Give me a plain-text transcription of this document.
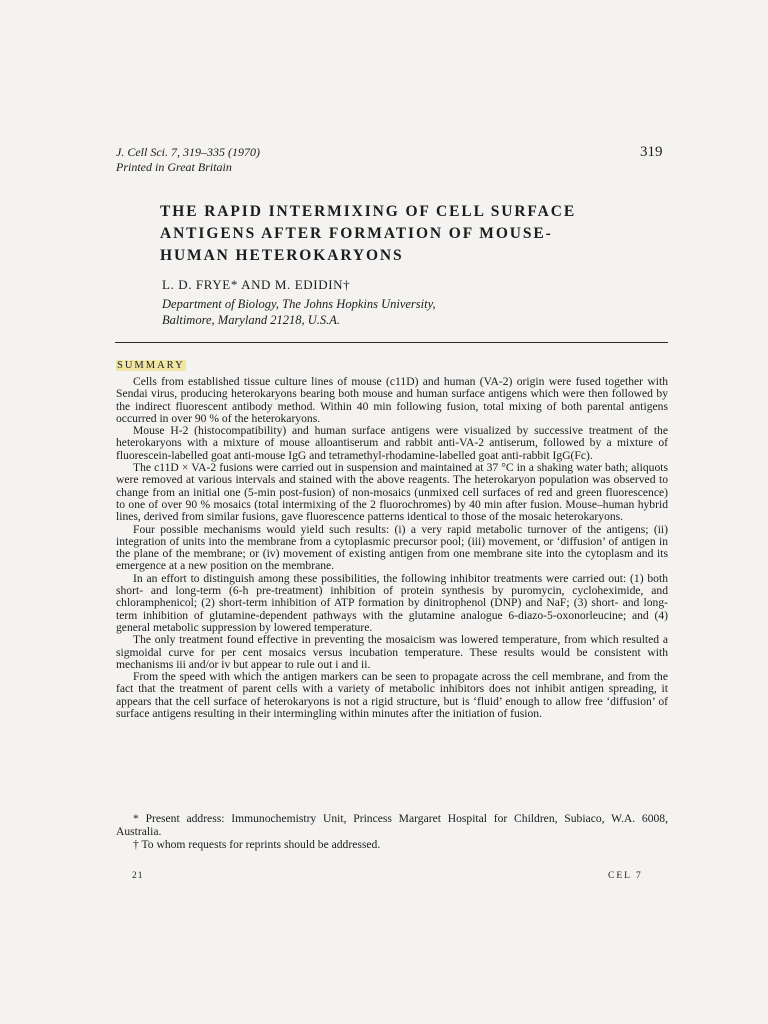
J. Cell Sci. 7, 319–335 (1970)
Printed in Great Britain
319
THE RAPID INTERMIXING OF CELL SURFACE
ANTIGENS AFTER FORMATION OF MOUSE-
HUMAN HETEROKARYONS
L. D. FRYE* AND M. EDIDIN†
Department of Biology, The Johns Hopkins University,
Baltimore, Maryland 21218, U.S.A.
SUMMARY
Cells from established tissue culture lines of mouse (c11D) and human (VA-2) origin were fused together with Sendai virus, producing heterokaryons bearing both mouse and human surface antigens which were then followed by the indirect fluorescent antibody method. Within 40 min following fusion, total mixing of both parental antigens occurred in over 90 % of the heterokaryons.
Mouse H-2 (histocompatibility) and human surface antigens were visualized by successive treatment of the heterokaryons with a mixture of mouse alloantiserum and rabbit anti-VA-2 antiserum, followed by a mixture of fluorescein-labelled goat anti-mouse IgG and tetramethyl-rhodamine-labelled goat anti-rabbit IgG(Fc).
The c11D × VA-2 fusions were carried out in suspension and maintained at 37 °C in a shaking water bath; aliquots were removed at various intervals and stained with the above reagents. The heterokaryon population was observed to change from an initial one (5-min post-fusion) of non-mosaics (unmixed cell surfaces of red and green fluorescence) to one of over 90 % mosaics (total intermixing of the 2 fluorochromes) by 40 min after fusion. Mouse–human hybrid lines, derived from similar fusions, gave fluorescence patterns identical to those of the mosaic heterokaryons.
Four possible mechanisms would yield such results: (i) a very rapid metabolic turnover of the antigens; (ii) integration of units into the membrane from a cytoplasmic precursor pool; (iii) movement, or ‘diffusion’ of antigen in the plane of the membrane; or (iv) movement of existing antigen from one membrane site into the cytoplasm and its emergence at a new position on the membrane.
In an effort to distinguish among these possibilities, the following inhibitor treatments were carried out: (1) both short- and long-term (6-h pre-treatment) inhibition of protein synthesis by puromycin, cycloheximide, and chloramphenicol; (2) short-term inhibition of ATP formation by dinitrophenol (DNP) and NaF; (3) short- and long-term inhibition of glutamine-dependent pathways with the glutamine analogue 6-diazo-5-oxonorleucine; and (4) general metabolic suppression by lowered temperature.
The only treatment found effective in preventing the mosaicism was lowered temperature, from which resulted a sigmoidal curve for per cent mosaics versus incubation temperature. These results would be consistent with mechanisms iii and/or iv but appear to rule out i and ii.
From the speed with which the antigen markers can be seen to propagate across the cell membrane, and from the fact that the treatment of parent cells with a variety of metabolic inhibitors does not inhibit antigen spreading, it appears that the cell surface of heterokaryons is not a rigid structure, but is ‘fluid’ enough to allow free ‘diffusion’ of surface antigens resulting in their intermingling within minutes after the initiation of fusion.
* Present address: Immunochemistry Unit, Princess Margaret Hospital for Children, Subiaco, W.A. 6008, Australia.
† To whom requests for reprints should be addressed.
21	CEL 7
